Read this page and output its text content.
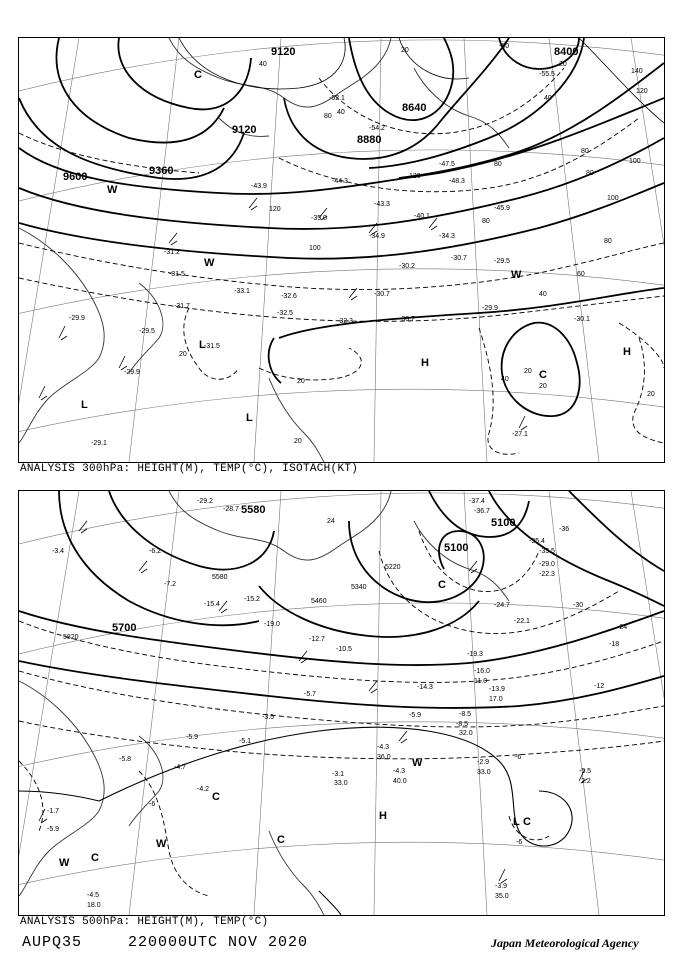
9120	8400
8640
9120
8880
9360
9600
20
40	20
140
120
40
80
40
100
80
80
80
120
100
80
120
80
100
60
40
20
40
20
20
20
20
20
-35.0
-34.9	-34.3
-30.7
-30.2
-29.5
-31.2
-31.5
-33.1
-32.6	-30.7
-29.9
-32.5
-32.3	-30.7	-30.1
-29.9
-29.5
-31.5
-29.9
-29.1
-27.1
-31.7
-43.9
-47.5
-48.3
-45.9
-40.1
-43.3
-44.3
-55.5
-54.2
-52.1
-60
C
W
W
W
L
H
H
C
L
L
ANALYSIS 300hPa: HEIGHT(M), TEMP(°C), ISOTACH(KT)
5580
5820
5700
5580
5460
5340
5220
5100
5100
24
-36
-30
-24
-18
-12
-6
-6
-6
-29.2
-28.7
-37.4
-36.7
-35.4
-33.5
-29.0
-22.3
-24.7
-22.1
-19.3
-16.0
-13.9
-14.3
-8.5
-8.5
-5.9
-4.3
-4.3
-3.1
-2.9
-5.5
-3.9
-4.5
-3.4	-6.2
-7.2
-15.2
-15.4
-19.0
-12.7
-10.5
-5.7
-3.5
-5.1
-5.9
-5.8
-4.7
-4.2
-1.7
-5.9
33.0
2.2
35.0
18.0
33.0	40.0
36.0
32.0
17.0
11.0
C
W
H	L C
C
W	C
C
W
ANALYSIS 500hPa: HEIGHT(M), TEMP(°C)
AUPQ35	220000UTC NOV 2020	Japan Meteorological Agency
